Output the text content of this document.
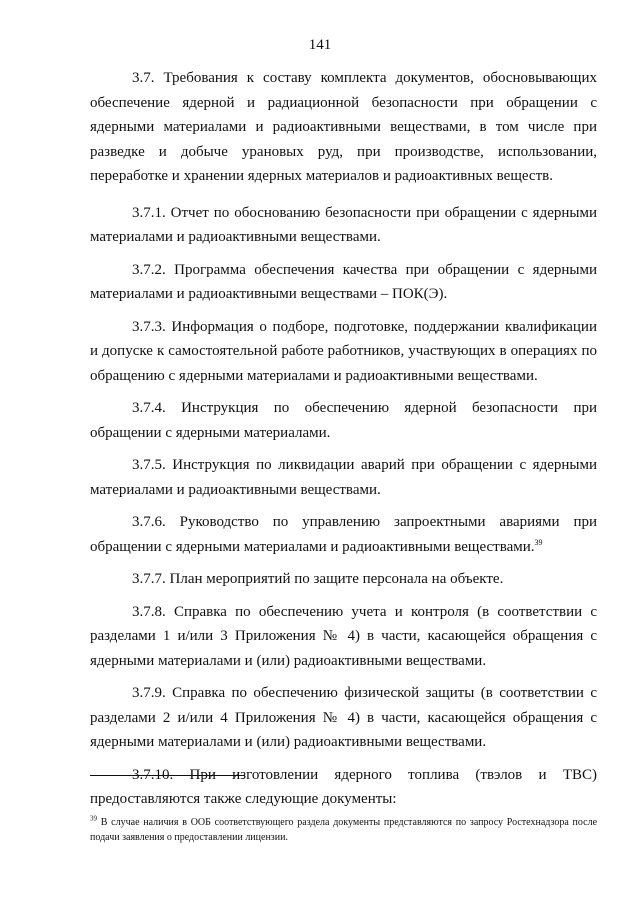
141

3.7. Требования к составу комплекта документов, обосновывающих обеспечение ядерной и радиационной безопасности при обращении с ядерными материалами и радиоактивными веществами, в том числе при разведке и добыче урановых руд, при производстве, использовании, переработке и хранении ядерных материалов и радиоактивных веществ.

3.7.1. Отчет по обоснованию безопасности при обращении с ядерными материалами и радиоактивными веществами.

3.7.2. Программа обеспечения качества при обращении с ядерными материалами и радиоактивными веществами – ПОК(Э).

3.7.3. Информация о подборе, подготовке, поддержании квалификации и допуске к самостоятельной работе работников, участвующих в операциях по обращению с ядерными материалами и радиоактивными веществами.

3.7.4. Инструкция по обеспечению ядерной безопасности при обращении с ядерными материалами.

3.7.5. Инструкция по ликвидации аварий при обращении с ядерными материалами и радиоактивными веществами.

3.7.6. Руководство по управлению запроектными авариями при обращении с ядерными материалами и радиоактивными веществами.$^{39}$

3.7.7. План мероприятий по защите персонала на объекте.

3.7.8. Справка по обеспечению учета и контроля (в соответствии с разделами 1 и/или 3 Приложения № 4) в части, касающейся обращения с ядерными материалами и (или) радиоактивными веществами.

3.7.9. Справка по обеспечению физической защиты (в соответствии с разделами 2 и/или 4 Приложения № 4) в части, касающейся обращения с ядерными материалами и (или) радиоактивными веществами.

3.7.10. При изготовлении ядерного топлива (твэлов и ТВС) предоставляются также следующие документы:

$^{39}$ В случае наличия в ООБ соответствующего раздела документы представляются по запросу Ростехнадзора после подачи заявления о предоставлении лицензии.
